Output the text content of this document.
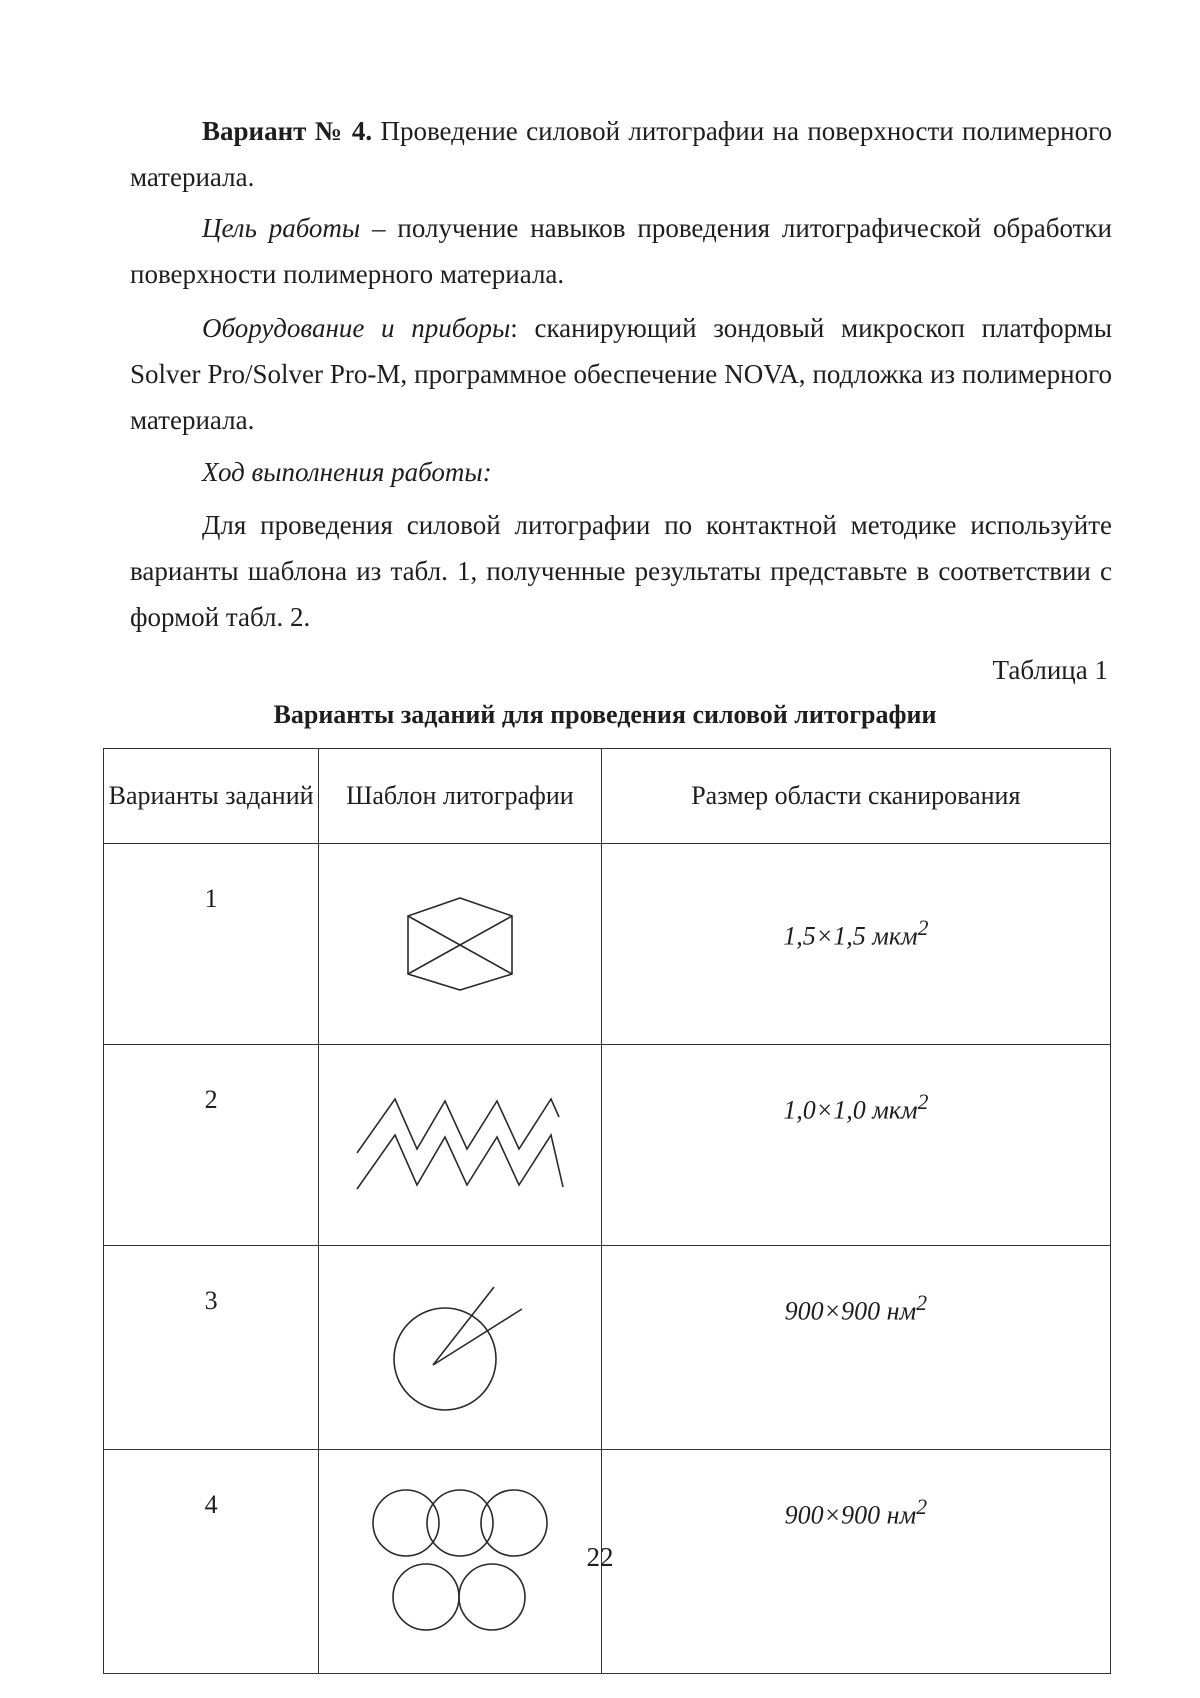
Вариант № 4. Проведение силовой литографии на поверхности полимерного материала.

Цель работы – получение навыков проведения литографической обработки поверхности полимерного материала.

Оборудование и приборы: сканирующий зондовый микроскоп платформы Solver Pro/Solver Pro-M, программное обеспечение NOVA, подложка из полимерного материала.

Ход выполнения работы:

Для проведения силовой литографии по контактной методике используйте варианты шаблона из табл. 1, полученные результаты представьте в соответствии с формой табл. 2.

Таблица 1
Варианты заданий для проведения силовой литографии
Варианты заданий	Шаблон литографии	Размер области сканирования
1	
	1,5×1,5 мкм2
2		1,0×1,0 мкм2
3		900×900 нм2
4		900×900 нм2
22
